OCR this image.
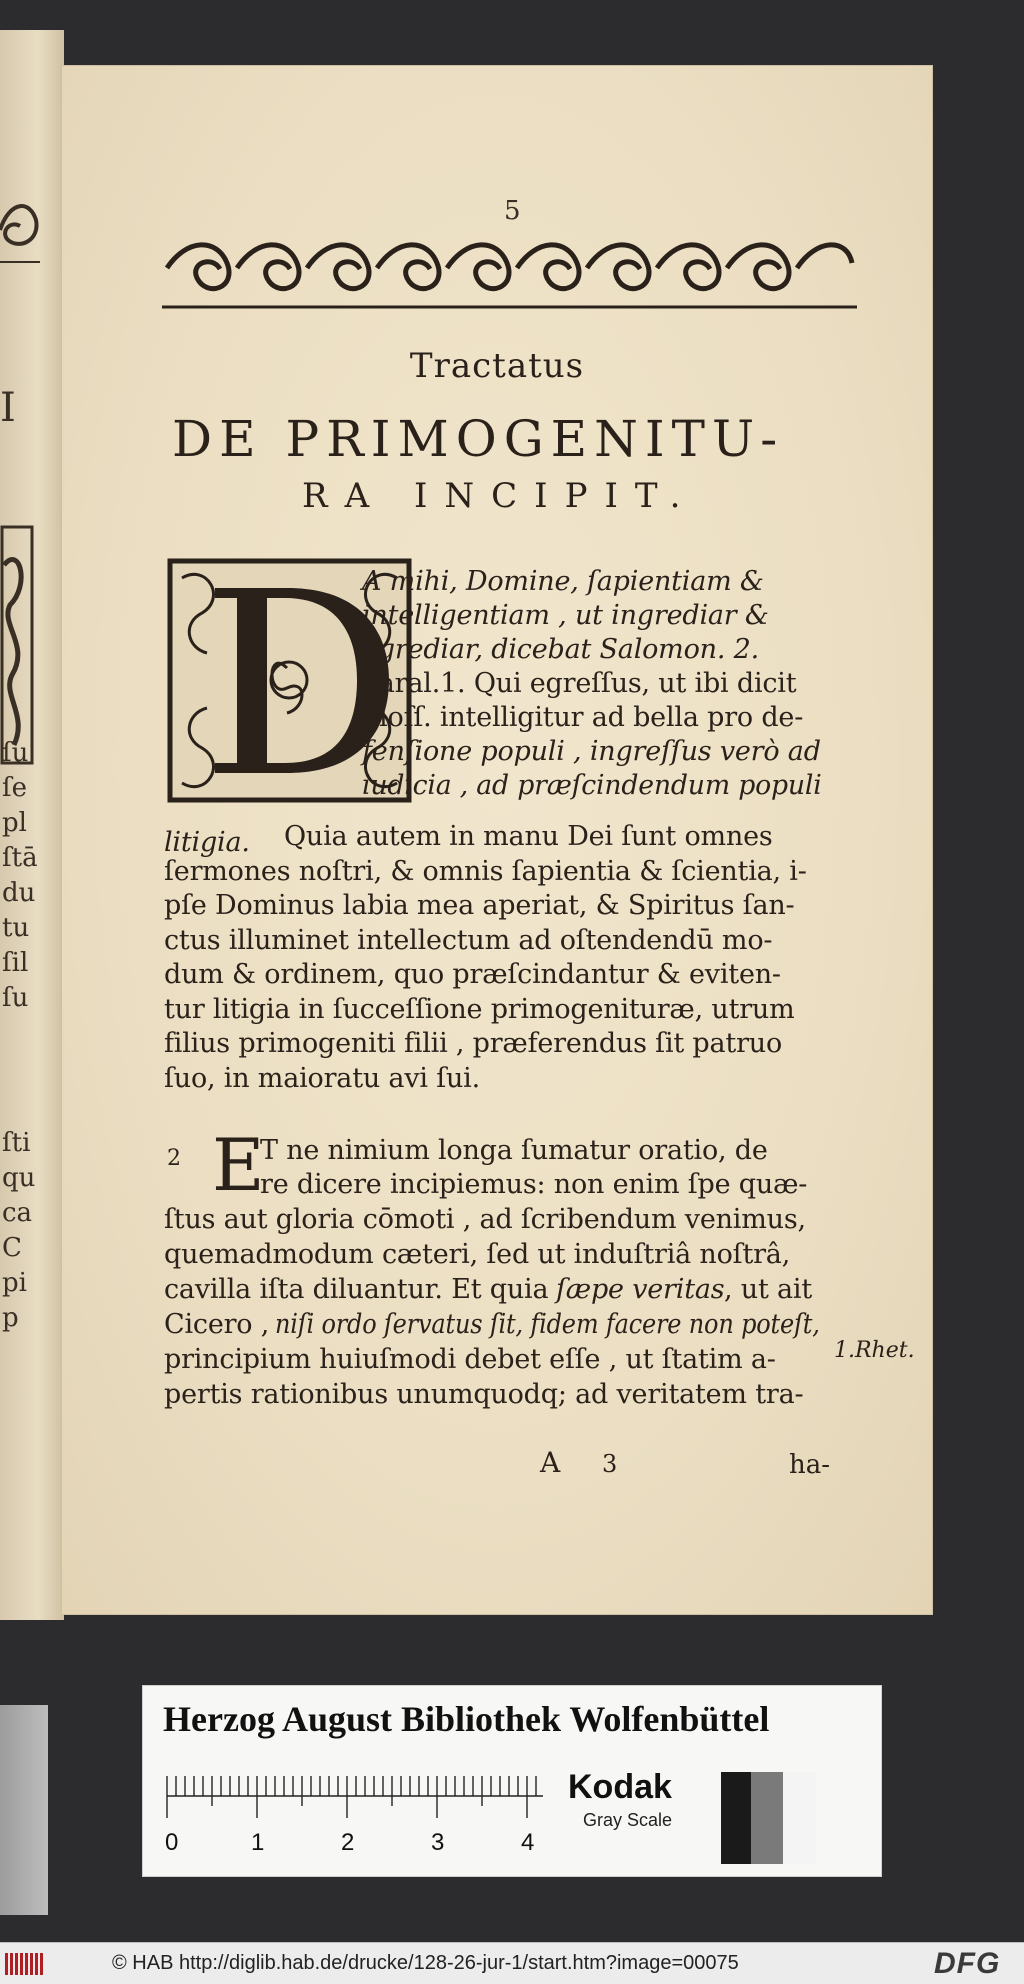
I
ſu
ſe
pl
ſtā
du
tu
ſil
ſu
ſti
qu
ca
C
pi
p
5
Tractatus
DE PRIMOGENITU-
RA INCIPIT.
D
A mihi, Domine, ſapientiam &
intelligentiam , ut ingrediar &
egrediar, dicebat Salomon. 2.
Paral.1. Qui egreſſus, ut ibi dicit
gloſſ. intelligitur ad bella pro de-
fenſione populi , ingreſſus verò ad
iudicia , ad præſcindendum populi
litigia. Quia autem in manu Dei ſunt omnes
ſermones noſtri, & omnis ſapientia & ſcientia, i-
pſe Dominus labia mea aperiat, & Spiritus ſan-
ctus illuminet intellectum ad oſtendendū mo-
dum & ordinem, quo præſcindantur & eviten-
tur litigia in ſucceſſione primogenituræ, utrum
filius primogeniti filii , præferendus ſit patruo
ſuo, in maioratu avi ſui.
2 E
T ne nimium longa ſumatur oratio, de
re dicere incipiemus: non enim ſpe quæ-
ſtus aut gloria cōmoti , ad ſcribendum venimus,
quemadmodum cæteri, ſed ut induſtriâ noſtrâ,
cavilla iſta diluantur. Et quia ſæpe veritas , ut ait
Cicero , niſi ordo ſervatus ſit, fidem facere non poteſt,
principium huiuſmodi debet eſſe , ut ſtatim a-
pertis rationibus unumquodq; ad veritatem tra-
1.Rhet.
A 3	ha-
Herzog August Bibliothek Wolfenbüttel
0	1	2	3	4
Kodak
Gray Scale
© HAB http://diglib.hab.de/drucke/128-26-jur-1/start.htm?image=00075	DFG
